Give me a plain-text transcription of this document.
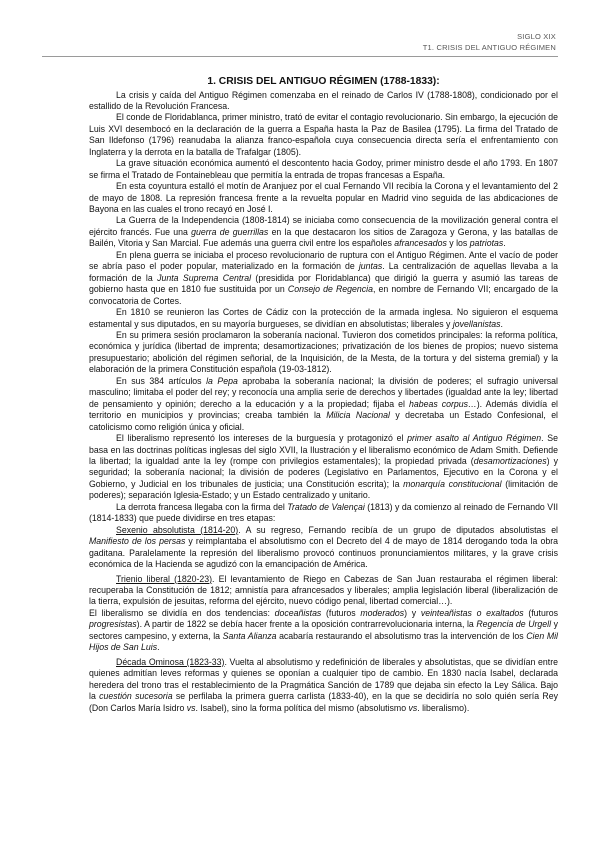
SIGLO XIX
T1. CRISIS DEL ANTIGUO RÉGIMEN
1. CRISIS DEL ANTIGUO RÉGIMEN (1788-1833):

La crisis y caída del Antiguo Régimen comenzaba en el reinado de Carlos IV (1788-1808), condicionado por el estallido de la Revolución Francesa.

El conde de Floridablanca, primer ministro, trató de evitar el contagio revolucionario. Sin embargo, la ejecución de Luis XVI desembocó en la declaración de la guerra a España hasta la Paz de Basilea (1795). La firma del Tratado de San Ildefonso (1796) reanudaba la alianza franco-española cuya consecuencia directa sería el enfrentamiento con Inglaterra y la derrota en la batalla de Trafalgar (1805).

La grave situación económica aumentó el descontento hacia Godoy, primer ministro desde el año 1793. En 1807 se firma el Tratado de Fontainebleau que permitía la entrada de tropas francesas a España.

En esta coyuntura estalló el motín de Aranjuez por el cual Fernando VII recibía la Corona y el levantamiento del 2 de mayo de 1808. La represión francesa frente a la revuelta popular en Madrid vino seguida de las abdicaciones de Bayona en las cuales el trono recayó en José I.

La Guerra de la Independencia (1808-1814) se iniciaba como consecuencia de la movilización general contra el ejército francés. Fue una guerra de guerrillas en la que destacaron los sitios de Zaragoza y Gerona, y las batallas de Bailén, Vitoria y San Marcial. Fue además una guerra civil entre los españoles afrancesados y los patriotas.

En plena guerra se iniciaba el proceso revolucionario de ruptura con el Antiguo Régimen. Ante el vacío de poder se abría paso el poder popular, materializado en la formación de juntas. La centralización de aquellas llevaba a la formación de la Junta Suprema Central (presidida por Floridablanca) que dirigió la guerra y asumió las tareas de gobierno hasta que en 1810 fue sustituida por un Consejo de Regencia, en nombre de Fernando VII; encargado de la convocatoria de Cortes.

En 1810 se reunieron las Cortes de Cádiz con la protección de la armada inglesa. No siguieron el esquema estamental y sus diputados, en su mayoría burgueses, se dividían en absolutistas; liberales y jovellanistas.

En su primera sesión proclamaron la soberanía nacional. Tuvieron dos cometidos principales: la reforma política, económica y jurídica (libertad de imprenta; desamortizaciones; privatización de los bienes de propios; nuevo sistema presupuestario; abolición del régimen señorial, de la Inquisición, de la Mesta, de la tortura y del sistema gremial) y la elaboración de la primera Constitución española (19-03-1812).

En sus 384 artículos la Pepa aprobaba la soberanía nacional; la división de poderes; el sufragio universal masculino; limitaba el poder del rey; y reconocía una amplia serie de derechos y libertades (igualdad ante la ley; libertad de pensamiento y opinión; derecho a la educación y a la propiedad; fijaba el habeas corpus…). Además dividía el territorio en municipios y provincias; creaba también la Milicia Nacional y decretaba un Estado Confesional, el catolicismo como religión única y oficial.

El liberalismo representó los intereses de la burguesía y protagonizó el primer asalto al Antiguo Régimen. Se basa en las doctrinas políticas inglesas del siglo XVII, la Ilustración y el liberalismo económico de Adam Smith. Defiende la libertad; la igualdad ante la ley (rompe con privilegios estamentales); la propiedad privada (desamortizaciones) y seguridad; la soberanía nacional; la división de poderes (Legislativo en Parlamentos, Ejecutivo en la Corona y el Gobierno, y Judicial en los tribunales de justicia; una Constitución escrita); la monarquía constitucional (limitación de poderes); separación Iglesia-Estado; y un Estado centralizado y unitario.

La derrota francesa llegaba con la firma del Tratado de Valençai (1813) y da comienzo al reinado de Fernando VII (1814-1833) que puede dividirse en tres etapas:

Sexenio absolutista (1814-20). A su regreso, Fernando recibía de un grupo de diputados absolutistas el Manifiesto de los persas y reimplantaba el absolutismo con el Decreto del 4 de mayo de 1814 derogando toda la obra gaditana. Paralelamente la represión del liberalismo provocó continuos pronunciamientos militares, y la grave crisis económica de la Hacienda se agudizó con la emancipación de América.

Trienio liberal (1820-23). El levantamiento de Riego en Cabezas de San Juan restauraba el régimen liberal: recuperaba la Constitución de 1812; amnistía para afrancesados y liberales; amplia legislación liberal (liberalización de la tierra, expulsión de jesuitas, reforma del ejército, nuevo código penal, libertad comercial…).

El liberalismo se dividía en dos tendencias: doceañistas (futuros moderados) y veinteañistas o exaltados (futuros progresistas). A partir de 1822 se debía hacer frente a la oposición contrarrevolucionaria interna, la Regencia de Urgell y sectores campesino, y externa, la Santa Alianza acabaría restaurando el absolutismo tras la intervención de los Cien Mil Hijos de San Luis.

Década Ominosa (1823-33). Vuelta al absolutismo y redefinición de liberales y absolutistas, que se dividían entre quienes admitían leves reformas y quienes se oponían a cualquier tipo de cambio. En 1830 nacía Isabel, declarada heredera del trono tras el restablecimiento de la Pragmática Sanción de 1789 que dejaba sin efecto la Ley Sálica. Bajo la cuestión sucesoria se perfilaba la primera guerra carlista (1833-40), en la que se decidiría no solo quién sería Rey (Don Carlos María Isidro vs. Isabel), sino la forma política del mismo (absolutismo vs. liberalismo).
